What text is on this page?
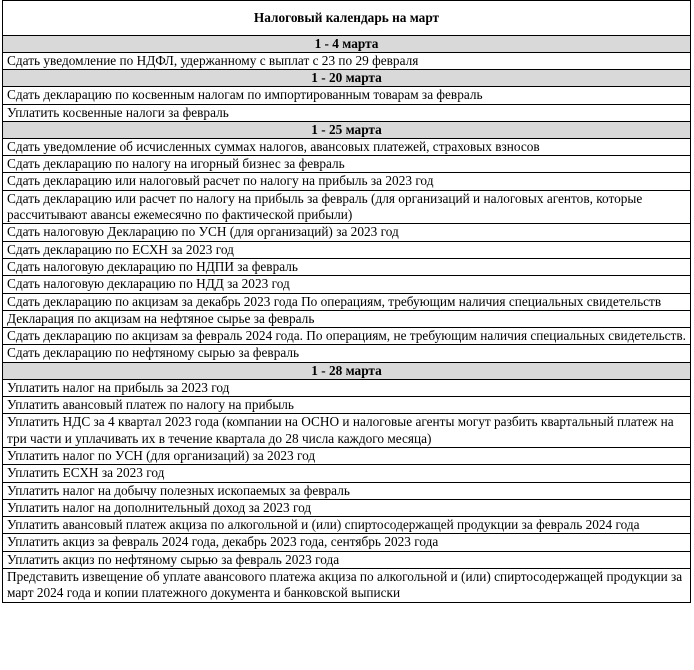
Налоговый календарь на март
1 - 4 марта
Сдать уведомление по НДФЛ, удержанному с выплат с 23 по 29 февраля
1 - 20 марта
Сдать декларацию по косвенным налогам по импортированным товарам за февраль
Уплатить косвенные налоги за февраль
1 - 25 марта
Сдать уведомление об исчисленных суммах налогов, авансовых платежей, страховых взносов
Сдать декларацию по налогу на игорный бизнес за февраль
Сдать декларацию или налоговый расчет по налогу на прибыль за 2023 год
Сдать декларацию или расчет по налогу на прибыль за февраль (для организаций и налоговых агентов, которые рассчитывают авансы ежемесячно по фактической прибыли)
Сдать налоговую Декларацию по УСН (для организаций) за 2023 год
Сдать декларацию по ЕСХН за 2023 год
Сдать налоговую декларацию по НДПИ за февраль
Сдать налоговую декларацию по НДД за 2023 год
Сдать декларацию по акцизам за декабрь 2023 года По операциям, требующим наличия специальных свидетельств
Декларация по акцизам на нефтяное сырье за февраль
Сдать декларацию по акцизам за февраль 2024 года. По операциям, не требующим наличия специальных свидетельств.
Сдать декларацию по нефтяному сырью за февраль
1 - 28 марта
Уплатить налог на прибыль за 2023 год
Уплатить авансовый платеж по налогу на прибыль
Уплатить НДС за 4 квартал 2023 года (компании на ОСНО и налоговые агенты могут разбить квартальный платеж на три части и уплачивать их в течение квартала до 28 числа каждого месяца)
Уплатить налог по УСН (для организаций) за 2023 год
Уплатить ЕСХН за 2023 год
Уплатить налог на добычу полезных ископаемых за февраль
Уплатить налог на дополнительный доход за 2023 год
Уплатить авансовый платеж акциза по алкогольной и (или) спиртосодержащей продукции за февраль 2024 года
Уплатить акциз за февраль 2024 года, декабрь 2023 года, сентябрь 2023 года
Уплатить акциз по нефтяному сырью за февраль 2023 года
Представить извещение об уплате авансового платежа акциза по алкогольной и (или) спиртосодержащей продукции за март 2024 года и копии платежного документа и банковской выписки
